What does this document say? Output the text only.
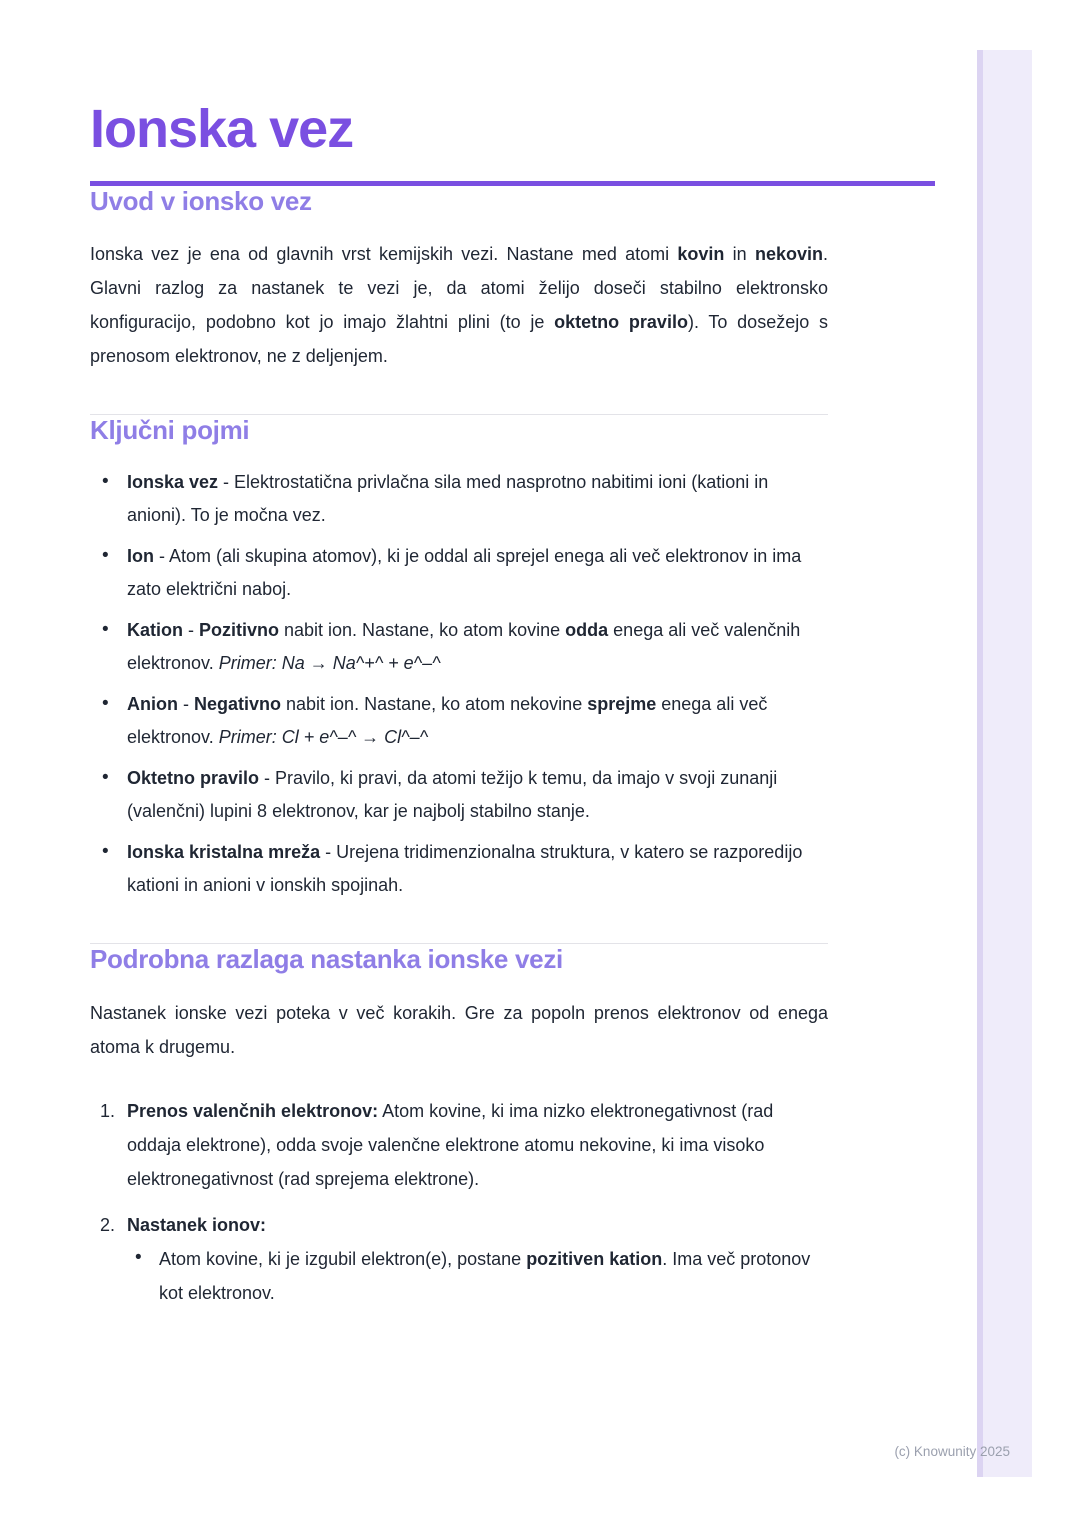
Ionska vez
Uvod v ionsko vez

Ionska vez je ena od glavnih vrst kemijskih vezi. Nastane med atomi kovin in nekovin. Glavni razlog za nastanek te vezi je, da atomi želijo doseči stabilno elektronsko konfiguracijo, podobno kot jo imajo žlahtni plini (to je oktetno pravilo). To dosežejo s prenosom elektronov, ne z deljenjem.

Ključni pojmi
• Ionska vez - Elektrostatična privlačna sila med nasprotno nabitimi ioni (kationi in anioni). To je močna vez.
• Ion - Atom (ali skupina atomov), ki je oddal ali sprejel enega ali več elektronov in ima zato električni naboj.
• Kation - Pozitivno nabit ion. Nastane, ko atom kovine odda enega ali več valenčnih elektronov. Primer: Na → Na^+^ + e^–^
• Anion - Negativno nabit ion. Nastane, ko atom nekovine sprejme enega ali več elektronov. Primer: Cl + e^–^ → Cl^–^
• Oktetno pravilo - Pravilo, ki pravi, da atomi težijo k temu, da imajo v svoji zunanji (valenčni) lupini 8 elektronov, kar je najbolj stabilno stanje.
• Ionska kristalna mreža - Urejena tridimenzionalna struktura, v katero se razporedijo kationi in anioni v ionskih spojinah.
Podrobna razlaga nastanka ionske vezi

Nastanek ionske vezi poteka v več korakih. Gre za popoln prenos elektronov od enega atoma k drugemu.

1. Prenos valenčnih elektronov: Atom kovine, ki ima nizko elektronegativnost (rad oddaja elektrone), odda svoje valenčne elektrone atomu nekovine, ki ima visoko elektronegativnost (rad sprejema elektrone).
2. Nastanek ionov:
• Atom kovine, ki je izgubil elektron(e), postane pozitiven kation. Ima več protonov kot elektronov.
(c) Knowunity 2025
